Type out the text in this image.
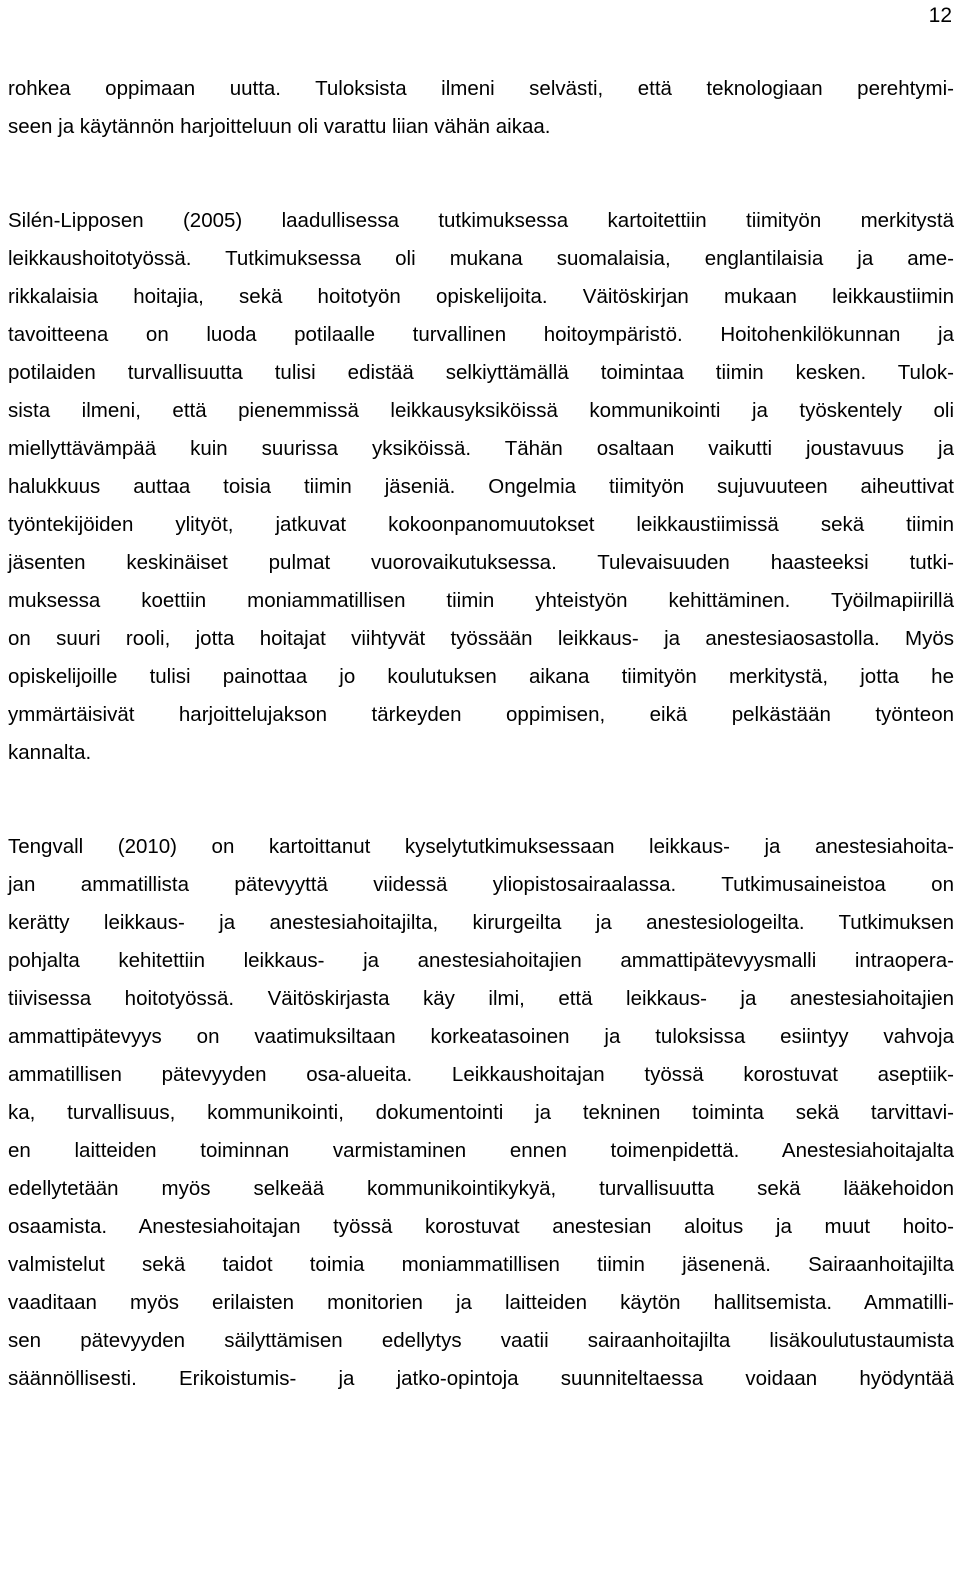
12
rohkea oppimaan uutta. Tuloksista ilmeni selvästi, että teknologiaan perehtymi-
seen ja käytännön harjoitteluun oli varattu liian vähän aikaa.
Silén-Lipposen (2005) laadullisessa tutkimuksessa kartoitettiin tiimityön merkitystä
leikkaushoitotyössä. Tutkimuksessa oli mukana suomalaisia, englantilaisia ja ame-
rikkalaisia hoitajia, sekä hoitotyön opiskelijoita. Väitöskirjan mukaan leikkaustiimin
tavoitteena on luoda potilaalle turvallinen hoitoympäristö. Hoitohenkilökunnan ja
potilaiden turvallisuutta tulisi edistää selkiyttämällä toimintaa tiimin kesken. Tulok-
sista ilmeni, että pienemmissä leikkausyksiköissä kommunikointi ja työskentely oli
miellyttävämpää kuin suurissa yksiköissä. Tähän osaltaan vaikutti joustavuus ja
halukkuus auttaa toisia tiimin jäseniä. Ongelmia tiimityön sujuvuuteen aiheuttivat
työntekijöiden ylityöt, jatkuvat kokoonpanomuutokset leikkaustiimissä sekä tiimin
jäsenten keskinäiset pulmat vuorovaikutuksessa. Tulevaisuuden haasteeksi tutki-
muksessa koettiin moniammatillisen tiimin yhteistyön kehittäminen. Työilmapiirillä
on suuri rooli, jotta hoitajat viihtyvät työssään leikkaus- ja anestesiaosastolla. Myös
opiskelijoille tulisi painottaa jo koulutuksen aikana tiimityön merkitystä, jotta he
ymmärtäisivät harjoittelujakson tärkeyden oppimisen, eikä pelkästään työnteon
kannalta.
Tengvall (2010) on kartoittanut kyselytutkimuksessaan leikkaus- ja anestesiahoita-
jan ammatillista pätevyyttä viidessä yliopistosairaalassa. Tutkimusaineistoa on
kerätty leikkaus- ja anestesiahoitajilta, kirurgeilta ja anestesiologeilta. Tutkimuksen
pohjalta kehitettiin leikkaus- ja anestesiahoitajien ammattipätevyysmalli intraopera-
tiivisessa hoitotyössä. Väitöskirjasta käy ilmi, että leikkaus- ja anestesiahoitajien
ammattipätevyys on vaatimuksiltaan korkeatasoinen ja tuloksissa esiintyy vahvoja
ammatillisen pätevyyden osa-alueita. Leikkaushoitajan työssä korostuvat aseptiik-
ka, turvallisuus, kommunikointi, dokumentointi ja tekninen toiminta sekä tarvittavi-
en laitteiden toiminnan varmistaminen ennen toimenpidettä. Anestesiahoitajalta
edellytetään myös selkeää kommunikointikykyä, turvallisuutta sekä lääkehoidon
osaamista. Anestesiahoitajan työssä korostuvat anestesian aloitus ja muut hoito-
valmistelut sekä taidot toimia moniammatillisen tiimin jäsenenä. Sairaanhoitajilta
vaaditaan myös erilaisten monitorien ja laitteiden käytön hallitsemista. Ammatilli-
sen pätevyyden säilyttämisen edellytys vaatii sairaanhoitajilta lisäkoulutustaumista
säännöllisesti. Erikoistumis- ja jatko-opintoja suunniteltaessa voidaan hyödyntää
